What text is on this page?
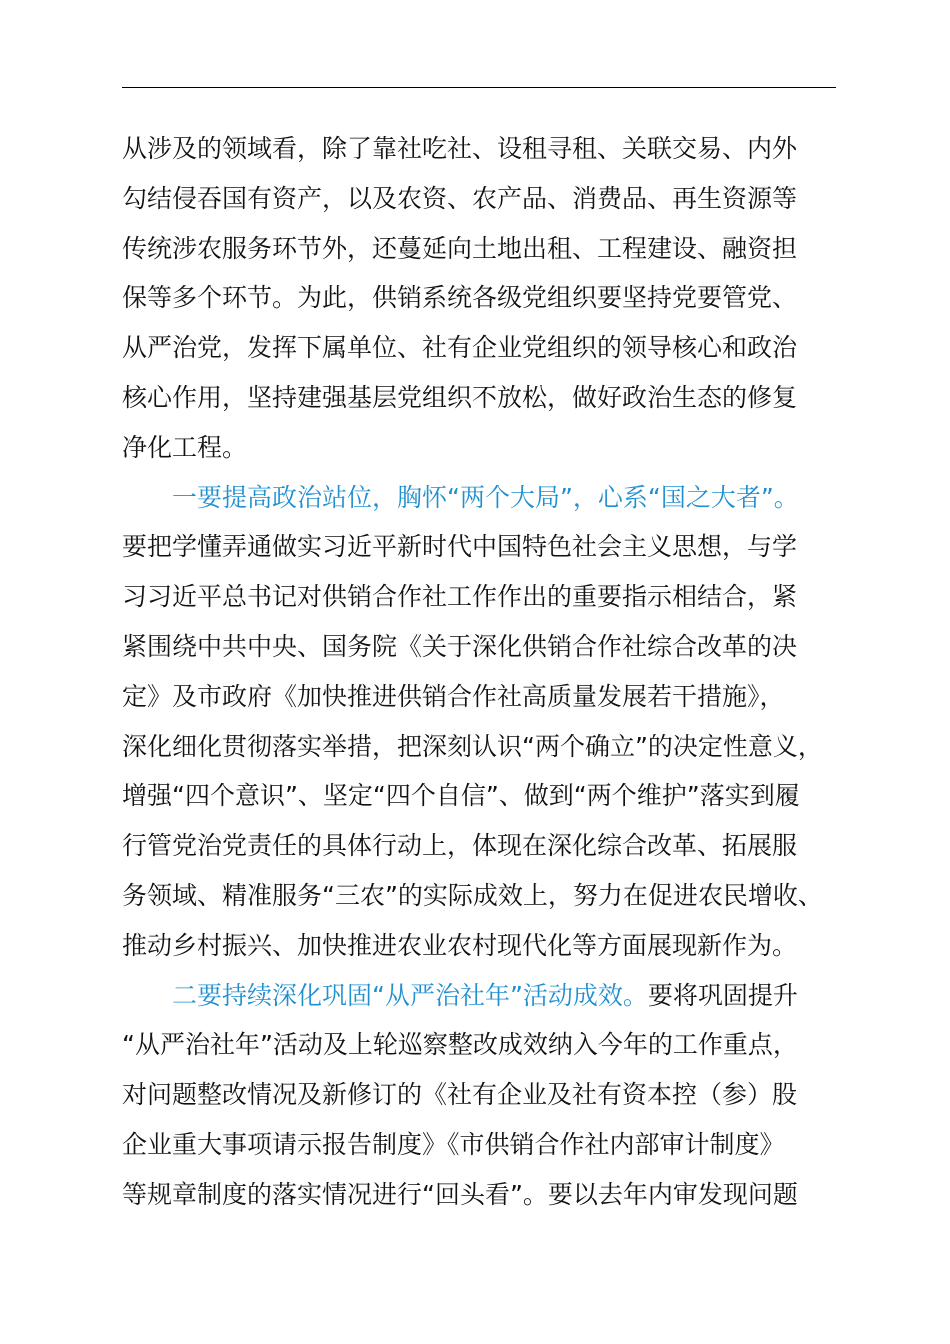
从涉及的领域看，除了靠社吃社、设租寻租、关联交易、内外
勾结侵吞国有资产，以及农资、农产品、消费品、再生资源等
传统涉农服务环节外，还蔓延向土地出租、工程建设、融资担
保等多个环节。为此，供销系统各级党组织要坚持党要管党、
从严治党，发挥下属单位、社有企业党组织的领导核心和政治
核心作用，坚持建强基层党组织不放松，做好政治生态的修复
净化工程。
一要提高政治站位，胸怀“两个大局”，心系“国之大者”。
要把学懂弄通做实习近平新时代中国特色社会主义思想，与学
习习近平总书记对供销合作社工作作出的重要指示相结合，紧
紧围绕中共中央、国务院《关于深化供销合作社综合改革的决
定》及市政府《加快推进供销合作社高质量发展若干措施》，
深化细化贯彻落实举措，把深刻认识“两个确立”的决定性意义，
增强“四个意识”、坚定“四个自信”、做到“两个维护”落实到履
行管党治党责任的具体行动上，体现在深化综合改革、拓展服
务领域、精准服务“三农”的实际成效上，努力在促进农民增收、
推动乡村振兴、加快推进农业农村现代化等方面展现新作为。
二要持续深化巩固“从严治社年”活动成效。要将巩固提升
“从严治社年”活动及上轮巡察整改成效纳入今年的工作重点，
对问题整改情况及新修订的《社有企业及社有资本控（参）股
企业重大事项请示报告制度》《市供销合作社内部审计制度》
等规章制度的落实情况进行“回头看”。要以去年内审发现问题
